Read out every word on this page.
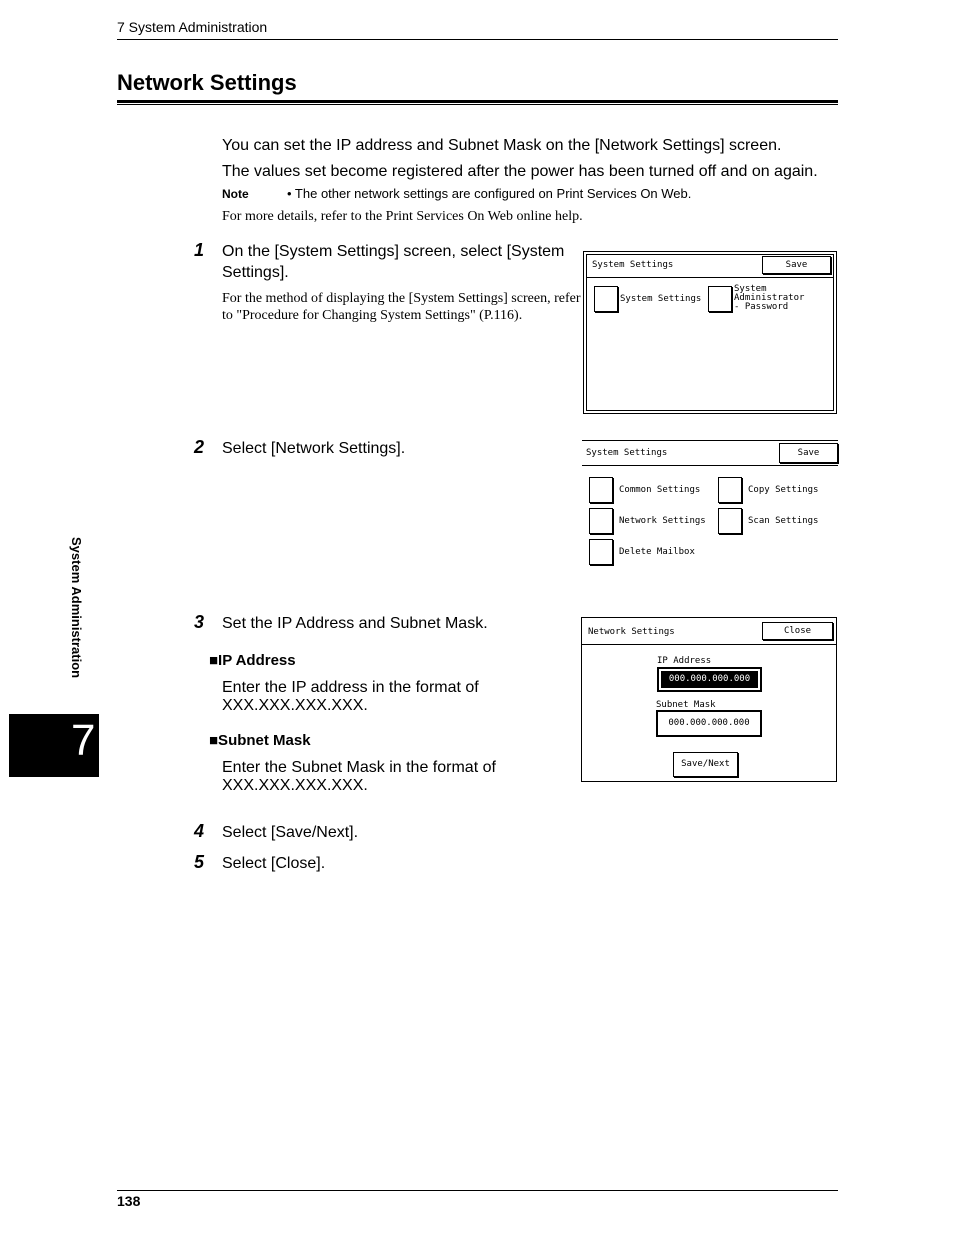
7 System Administration
Network Settings
You can set the IP address and Subnet Mask on the [Network Settings] screen.
The values set become registered after the power has been turned off and on again.
Note	• The other network settings are configured on Print Services On Web.
For more details, refer to the Print Services On Web online help.
1 On the [System Settings] screen, select [System Settings].
For the method of displaying the [System Settings] screen, refer to "Procedure for Changing System Settings" (P.116).
System Settings	Save
System Settings
System
Administrator
- Password
2 Select [Network Settings].	System Settings	Save
Common Settings	Copy Settings
Network Settings	Scan Settings
Delete Mailbox
3 Set the IP Address and Subnet Mask.
■IP Address
Enter the IP address in the format of XXX.XXX.XXX.XXX.
■Subnet Mask
Enter the Subnet Mask in the format of XXX.XXX.XXX.XXX.
Network Settings	Close
IP Address
000.000.000.000
Subnet Mask
000.000.000.000
Save/Next
4 Select [Save/Next].
5 Select [Close].
System Administration
7
138
